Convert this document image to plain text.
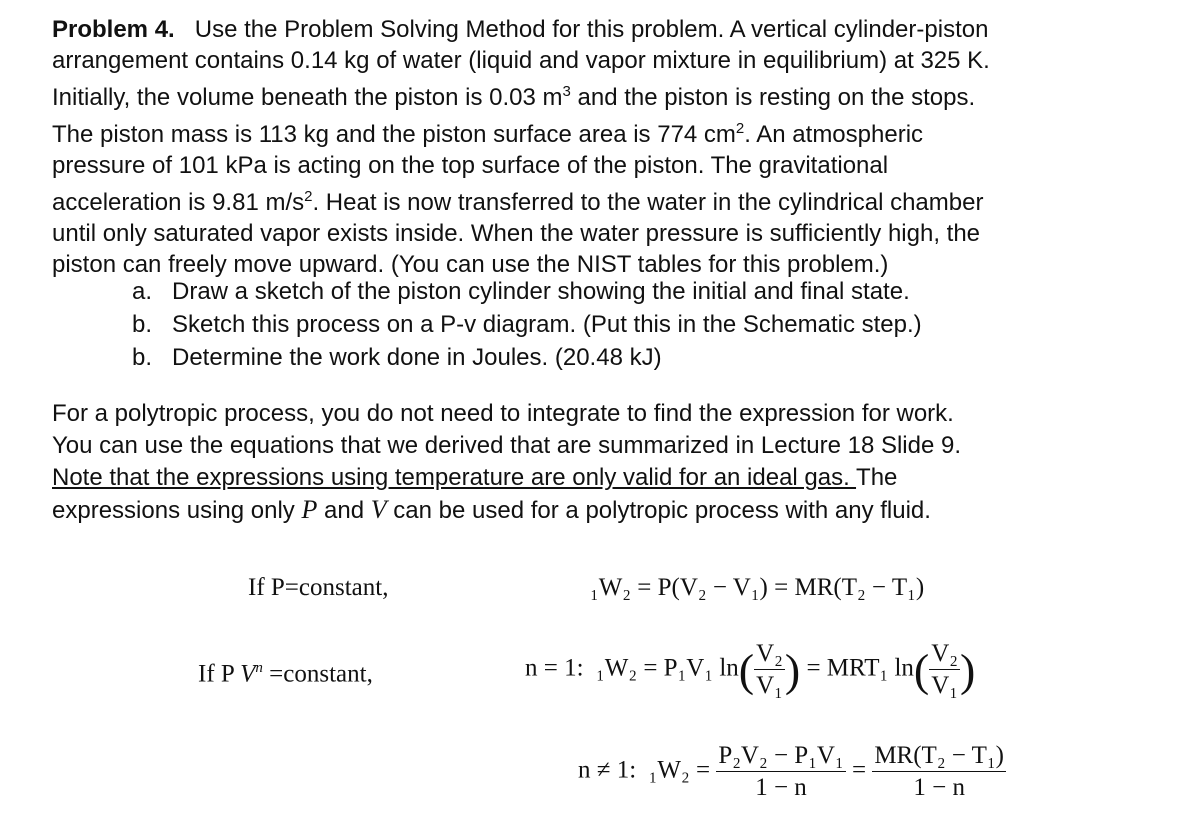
Problem 4. Use the Problem Solving Method for this problem. A vertical cylinder-piston
arrangement contains 0.14 kg of water (liquid and vapor mixture in equilibrium) at 325 K.
Initially, the volume beneath the piston is 0.03 $m^3$ and the piston is resting on the stops.
The piston mass is 113 kg and the piston surface area is 774 $cm^2$. An atmospheric
pressure of 101 kPa is acting on the top surface of the piston. The gravitational
acceleration is 9.81 $m/s^2$. Heat is now transferred to the water in the cylindrical chamber
until only saturated vapor exists inside. When the water pressure is sufficiently high, the
piston can freely move upward. (You can use the NIST tables for this problem.)
a. Draw a sketch of the piston cylinder showing the initial and final state.
b. Sketch this process on a P-v diagram. (Put this in the Schematic step.)
b. Determine the work done in Joules. (20.48 kJ)
For a polytropic process, you do not need to integrate to find the expression for work.
You can use the equations that we derived that are summarized in Lecture 18 Slide 9.
Note that the expressions using temperature are only valid for an ideal gas. The
expressions using only P and V can be used for a polytropic process with any fluid.
If P=constant,	₁W₂ = P(V₂ − V₁) = MR(T₂ − T₁)
If P $V^n$ =constant,	n = 1: ₁W₂ = P₁V₁ $\ln( \frac{\text{V₂}}{\text{V₁}}$ ) = MRT₁ $\ln( \frac{\text{V₂}}{\text{V₁}}$ )
n ≠ 1: $_1W_2 = \frac{\text{P₂V₂ − P₁V₁}}{1 - n} = \frac{\text{MR(T₂ − T₁)}}{1 - n}$
